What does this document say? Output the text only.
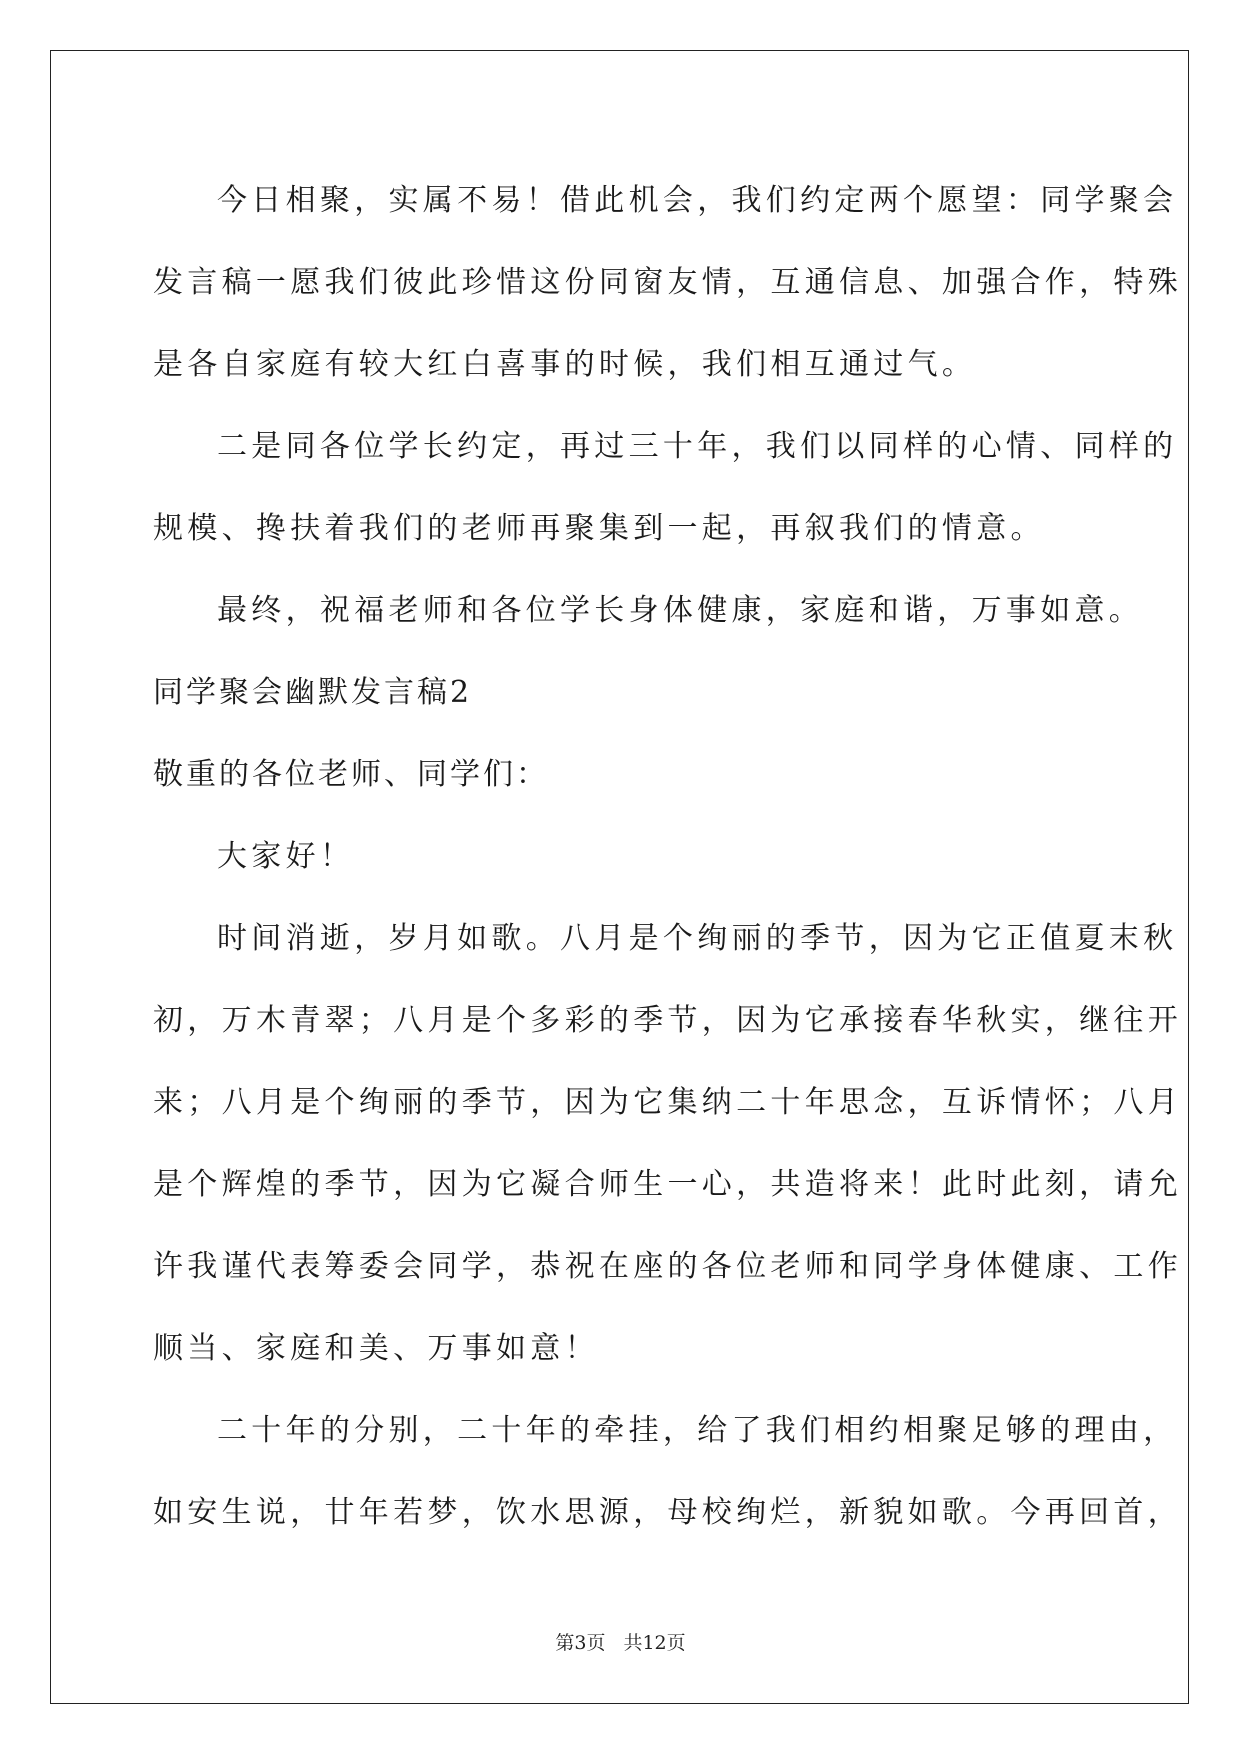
今日相聚，实属不易！借此机会，我们约定两个愿望：同学聚会
发言稿一愿我们彼此珍惜这份同窗友情，互通信息、加强合作，特殊
是各自家庭有较大红白喜事的时候，我们相互通过气。
二是同各位学长约定，再过三十年，我们以同样的心情、同样的
规模、搀扶着我们的老师再聚集到一起，再叙我们的情意。
最终，祝福老师和各位学长身体健康，家庭和谐，万事如意。
同学聚会幽默发言稿2
敬重的各位老师、同学们：
大家好！
时间消逝，岁月如歌。八月是个绚丽的季节，因为它正值夏末秋
初，万木青翠；八月是个多彩的季节，因为它承接春华秋实，继往开
来；八月是个绚丽的季节，因为它集纳二十年思念，互诉情怀；八月
是个辉煌的季节，因为它凝合师生一心，共造将来！此时此刻，请允
许我谨代表筹委会同学，恭祝在座的各位老师和同学身体健康、工作
顺当、家庭和美、万事如意！
二十年的分别，二十年的牵挂，给了我们相约相聚足够的理由，
如安生说，廿年若梦，饮水思源，母校绚烂，新貌如歌。今再回首，
第3页 共12页
